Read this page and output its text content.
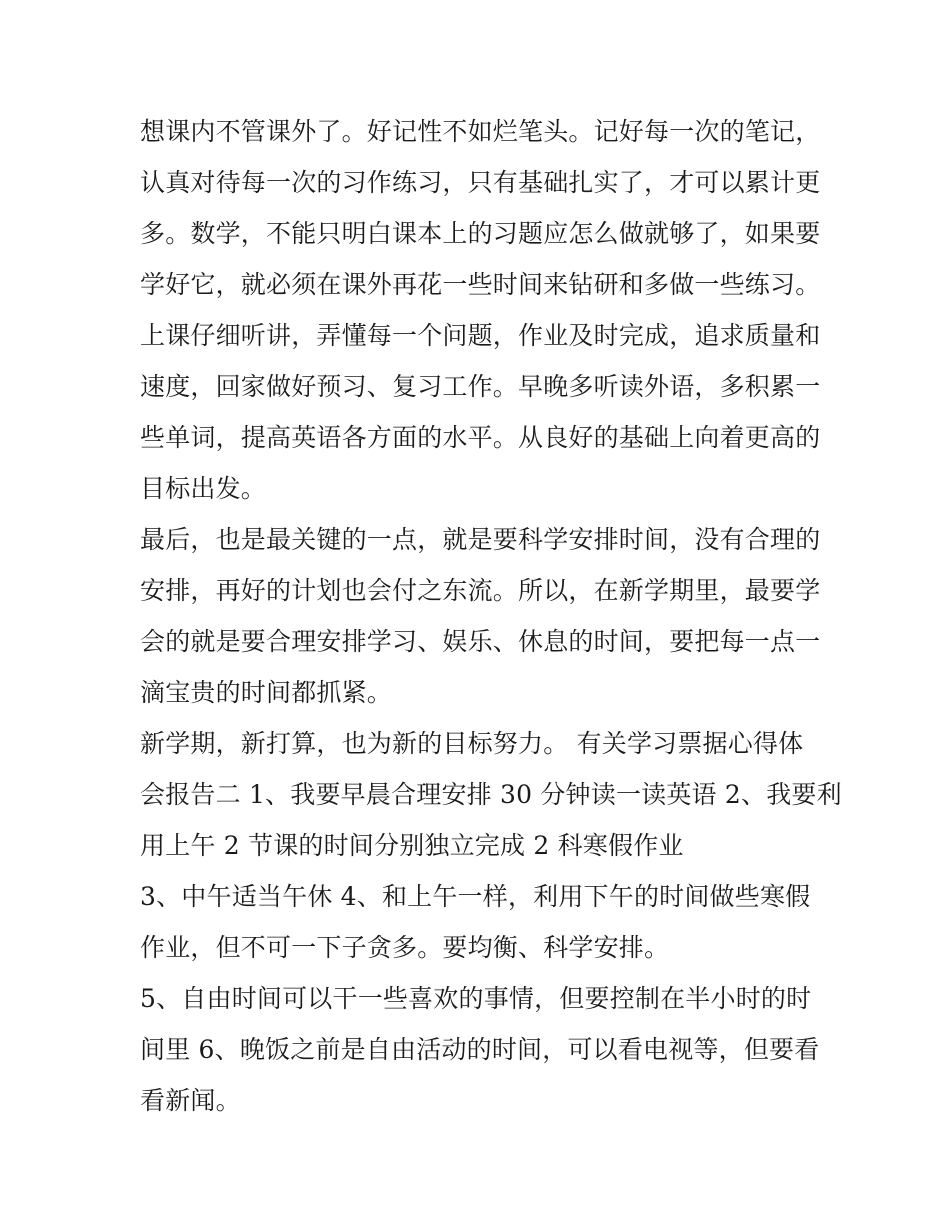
想课内不管课外了。好记性不如烂笔头。记好每一次的笔记，
认真对待每一次的习作练习，只有基础扎实了，才可以累计更
多。数学，不能只明白课本上的习题应怎么做就够了，如果要
学好它，就必须在课外再花一些时间来钻研和多做一些练习。
上课仔细听讲，弄懂每一个问题，作业及时完成，追求质量和
速度，回家做好预习、复习工作。早晚多听读外语，多积累一
些单词，提高英语各方面的水平。从良好的基础上向着更高的
目标出发。
最后，也是最关键的一点，就是要科学安排时间，没有合理的
安排，再好的计划也会付之东流。所以，在新学期里，最要学
会的就是要合理安排学习、娱乐、休息的时间，要把每一点一
滴宝贵的时间都抓紧。
新学期，新打算，也为新的目标努力。 有关学习票据心得体
会报告二 1、我要早晨合理安排 30 分钟读一读英语 2、我要利
用上午 2 节课的时间分别独立完成 2 科寒假作业
3、中午适当午休 4、和上午一样，利用下午的时间做些寒假
作业，但不可一下子贪多。要均衡、科学安排。
5、自由时间可以干一些喜欢的事情，但要控制在半小时的时
间里 6、晚饭之前是自由活动的时间，可以看电视等，但要看
看新闻。
